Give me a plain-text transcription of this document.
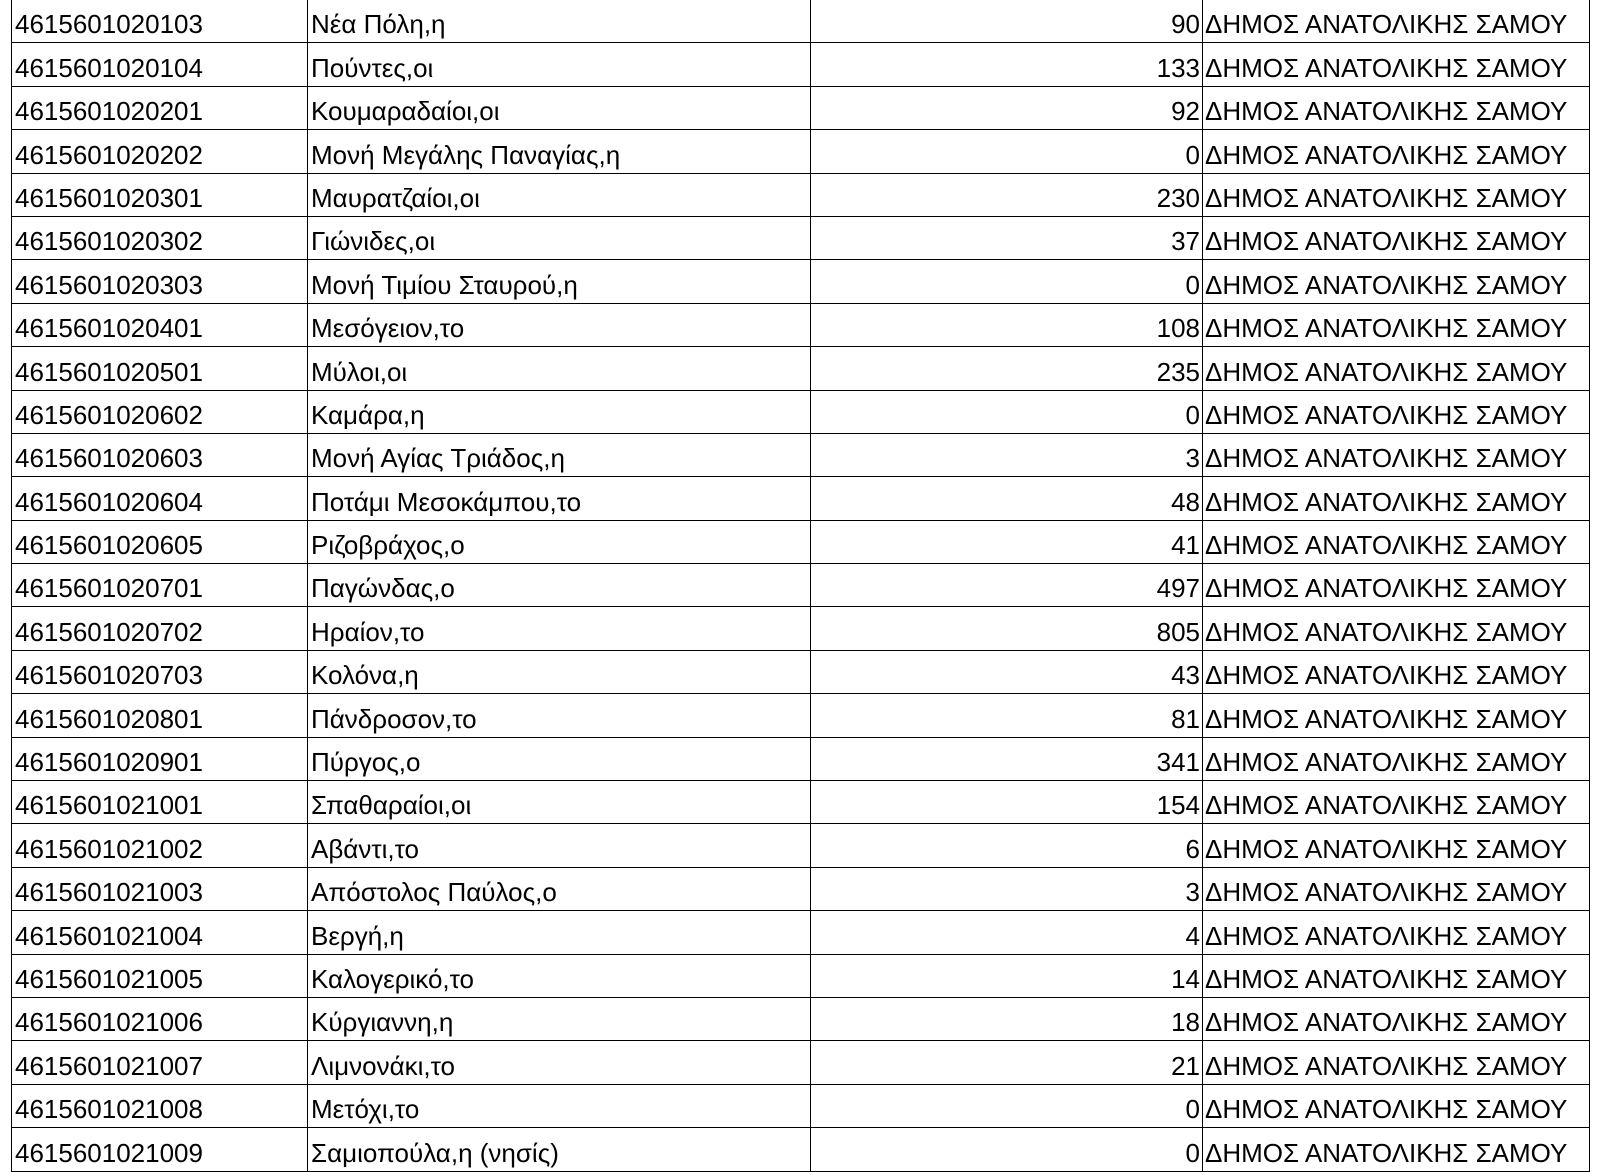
4615601020103	Νέα Πόλη,η	90	ΔΗΜΟΣ ΑΝΑΤΟΛΙΚΗΣ ΣΑΜΟΥ
4615601020104	Πούντες,οι	133	ΔΗΜΟΣ ΑΝΑΤΟΛΙΚΗΣ ΣΑΜΟΥ
4615601020201	Κουμαραδαίοι,οι	92	ΔΗΜΟΣ ΑΝΑΤΟΛΙΚΗΣ ΣΑΜΟΥ
4615601020202	Μονή Μεγάλης Παναγίας,η	0	ΔΗΜΟΣ ΑΝΑΤΟΛΙΚΗΣ ΣΑΜΟΥ
4615601020301	Μαυρατζαίοι,οι	230	ΔΗΜΟΣ ΑΝΑΤΟΛΙΚΗΣ ΣΑΜΟΥ
4615601020302	Γιώνιδες,οι	37	ΔΗΜΟΣ ΑΝΑΤΟΛΙΚΗΣ ΣΑΜΟΥ
4615601020303	Μονή Τιμίου Σταυρού,η	0	ΔΗΜΟΣ ΑΝΑΤΟΛΙΚΗΣ ΣΑΜΟΥ
4615601020401	Μεσόγειον,το	108	ΔΗΜΟΣ ΑΝΑΤΟΛΙΚΗΣ ΣΑΜΟΥ
4615601020501	Μύλοι,οι	235	ΔΗΜΟΣ ΑΝΑΤΟΛΙΚΗΣ ΣΑΜΟΥ
4615601020602	Καμάρα,η	0	ΔΗΜΟΣ ΑΝΑΤΟΛΙΚΗΣ ΣΑΜΟΥ
4615601020603	Μονή Αγίας Τριάδος,η	3	ΔΗΜΟΣ ΑΝΑΤΟΛΙΚΗΣ ΣΑΜΟΥ
4615601020604	Ποτάμι Μεσοκάμπου,το	48	ΔΗΜΟΣ ΑΝΑΤΟΛΙΚΗΣ ΣΑΜΟΥ
4615601020605	Ριζοβράχος,ο	41	ΔΗΜΟΣ ΑΝΑΤΟΛΙΚΗΣ ΣΑΜΟΥ
4615601020701	Παγώνδας,ο	497	ΔΗΜΟΣ ΑΝΑΤΟΛΙΚΗΣ ΣΑΜΟΥ
4615601020702	Ηραίον,το	805	ΔΗΜΟΣ ΑΝΑΤΟΛΙΚΗΣ ΣΑΜΟΥ
4615601020703	Κολόνα,η	43	ΔΗΜΟΣ ΑΝΑΤΟΛΙΚΗΣ ΣΑΜΟΥ
4615601020801	Πάνδροσον,το	81	ΔΗΜΟΣ ΑΝΑΤΟΛΙΚΗΣ ΣΑΜΟΥ
4615601020901	Πύργος,ο	341	ΔΗΜΟΣ ΑΝΑΤΟΛΙΚΗΣ ΣΑΜΟΥ
4615601021001	Σπαθαραίοι,οι	154	ΔΗΜΟΣ ΑΝΑΤΟΛΙΚΗΣ ΣΑΜΟΥ
4615601021002	Αβάντι,το	6	ΔΗΜΟΣ ΑΝΑΤΟΛΙΚΗΣ ΣΑΜΟΥ
4615601021003	Απόστολος Παύλος,ο	3	ΔΗΜΟΣ ΑΝΑΤΟΛΙΚΗΣ ΣΑΜΟΥ
4615601021004	Βεργή,η	4	ΔΗΜΟΣ ΑΝΑΤΟΛΙΚΗΣ ΣΑΜΟΥ
4615601021005	Καλογερικό,το	14	ΔΗΜΟΣ ΑΝΑΤΟΛΙΚΗΣ ΣΑΜΟΥ
4615601021006	Κύργιαννη,η	18	ΔΗΜΟΣ ΑΝΑΤΟΛΙΚΗΣ ΣΑΜΟΥ
4615601021007	Λιμνονάκι,το	21	ΔΗΜΟΣ ΑΝΑΤΟΛΙΚΗΣ ΣΑΜΟΥ
4615601021008	Μετόχι,το	0	ΔΗΜΟΣ ΑΝΑΤΟΛΙΚΗΣ ΣΑΜΟΥ
4615601021009	Σαμιοπούλα,η (νησίς)	0	ΔΗΜΟΣ ΑΝΑΤΟΛΙΚΗΣ ΣΑΜΟΥ
